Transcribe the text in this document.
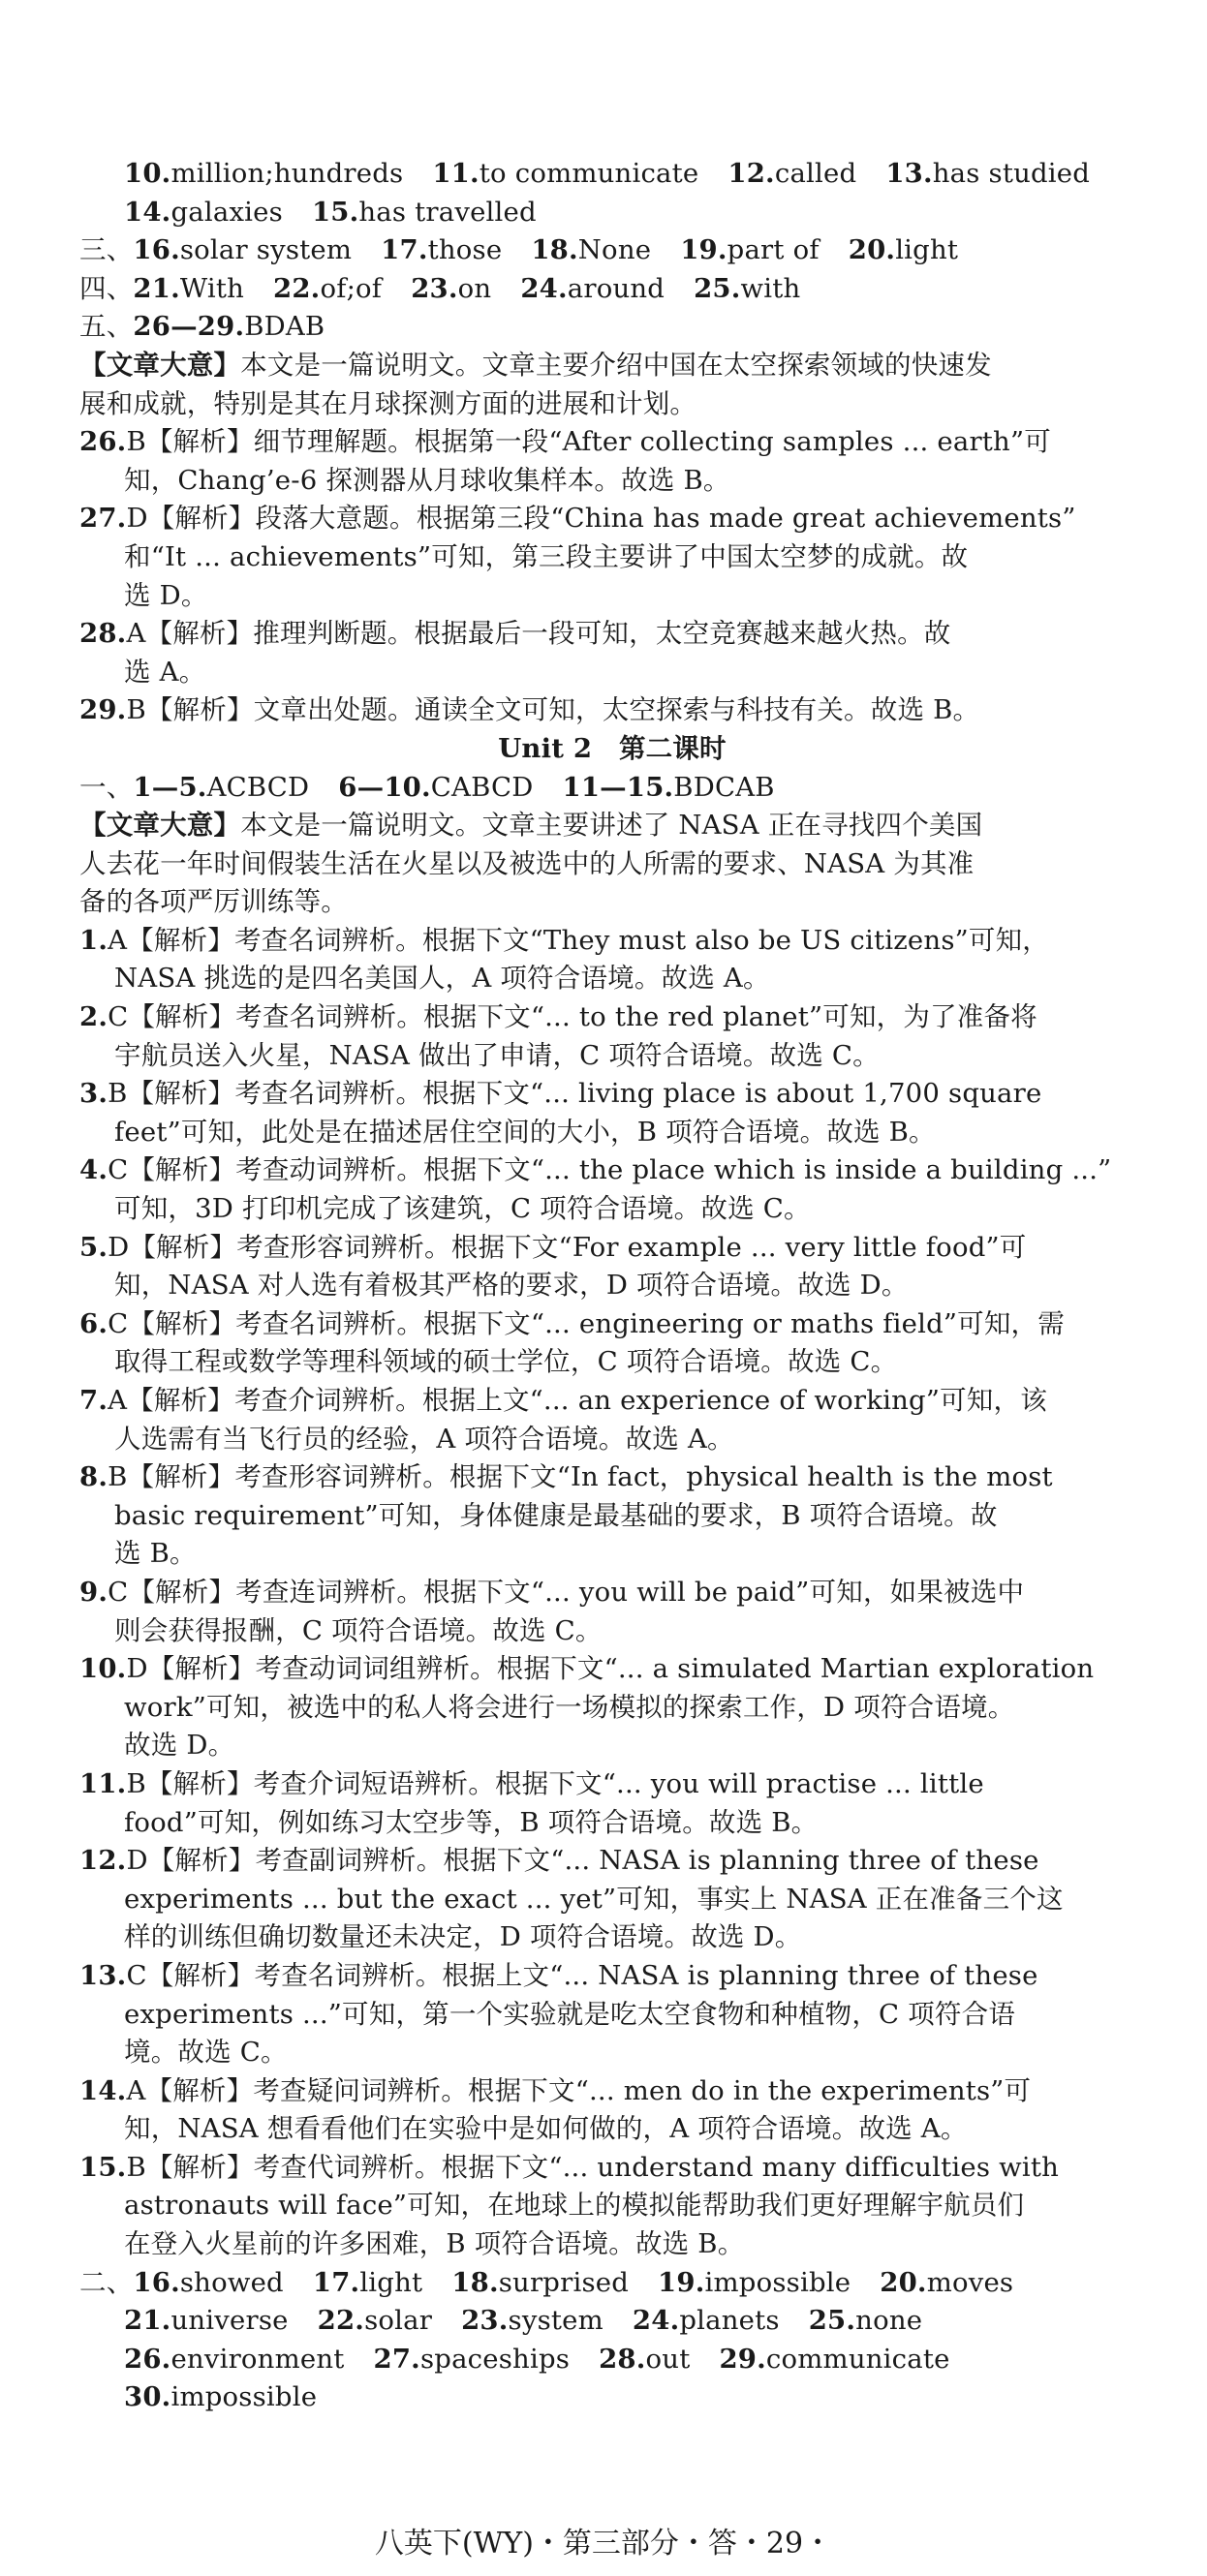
10.million;hundreds 11.to communicate 12.called 13.has studied
14.galaxies 15.has travelled
三、16.solar system 17.those 18.None 19.part of 20.light
四、21.With 22.of;of 23.on 24.around 25.with
五、26—29.BDAB
【文章大意】本文是一篇说明文。文章主要介绍中国在太空探索领域的快速发
展和成就，特别是其在月球探测方面的进展和计划。
26.B【解析】细节理解题。根据第一段“After collecting samples ... earth”可
知，Chang’e-6 探测器从月球收集样本。故选 B。
27.D【解析】段落大意题。根据第三段“China has made great achievements”
和“It ... achievements”可知，第三段主要讲了中国太空梦的成就。故
选 D。
28.A【解析】推理判断题。根据最后一段可知，太空竞赛越来越火热。故
选 A。
29.B【解析】文章出处题。通读全文可知，太空探索与科技有关。故选 B。
Unit 2　第二课时
一、1—5.ACBCD 6—10.CABCD 11—15.BDCAB
【文章大意】本文是一篇说明文。文章主要讲述了 NASA 正在寻找四个美国
人去花一年时间假装生活在火星以及被选中的人所需的要求、NASA 为其准
备的各项严厉训练等。
1.A【解析】考查名词辨析。根据下文“They must also be US citizens”可知，
NASA 挑选的是四名美国人，A 项符合语境。故选 A。
2.C【解析】考查名词辨析。根据下文“... to the red planet”可知，为了准备将
宇航员送入火星，NASA 做出了申请，C 项符合语境。故选 C。
3.B【解析】考查名词辨析。根据下文“... living place is about 1,700 square
feet”可知，此处是在描述居住空间的大小，B 项符合语境。故选 B。
4.C【解析】考查动词辨析。根据下文“... the place which is inside a building ...”
可知，3D 打印机完成了该建筑，C 项符合语境。故选 C。
5.D【解析】考查形容词辨析。根据下文“For example ... very little food”可
知，NASA 对人选有着极其严格的要求，D 项符合语境。故选 D。
6.C【解析】考查名词辨析。根据下文“... engineering or maths field”可知，需
取得工程或数学等理科领域的硕士学位，C 项符合语境。故选 C。
7.A【解析】考查介词辨析。根据上文“... an experience of working”可知，该
人选需有当飞行员的经验，A 项符合语境。故选 A。
8.B【解析】考查形容词辨析。根据下文“In fact，physical health is the most
basic requirement”可知，身体健康是最基础的要求，B 项符合语境。故
选 B。
9.C【解析】考查连词辨析。根据下文“... you will be paid”可知，如果被选中
则会获得报酬，C 项符合语境。故选 C。
10.D【解析】考查动词词组辨析。根据下文“... a simulated Martian exploration
work”可知，被选中的私人将会进行一场模拟的探索工作，D 项符合语境。
故选 D。
11.B【解析】考查介词短语辨析。根据下文“... you will practise ... little
food”可知，例如练习太空步等，B 项符合语境。故选 B。
12.D【解析】考查副词辨析。根据下文“... NASA is planning three of these
experiments ... but the exact ... yet”可知，事实上 NASA 正在准备三个这
样的训练但确切数量还未决定，D 项符合语境。故选 D。
13.C【解析】考查名词辨析。根据上文“... NASA is planning three of these
experiments ...”可知，第一个实验就是吃太空食物和种植物，C 项符合语
境。故选 C。
14.A【解析】考查疑问词辨析。根据下文“... men do in the experiments”可
知，NASA 想看看他们在实验中是如何做的，A 项符合语境。故选 A。
15.B【解析】考查代词辨析。根据下文“... understand many difficulties with
astronauts will face”可知，在地球上的模拟能帮助我们更好理解宇航员们
在登入火星前的许多困难，B 项符合语境。故选 B。
二、16.showed 17.light 18.surprised 19.impossible 20.moves
21.universe 22.solar 23.system 24.planets 25.none
26.environment 27.spaceships 28.out 29.communicate
30.impossible
八英下(WY)・第三部分・答・29・
